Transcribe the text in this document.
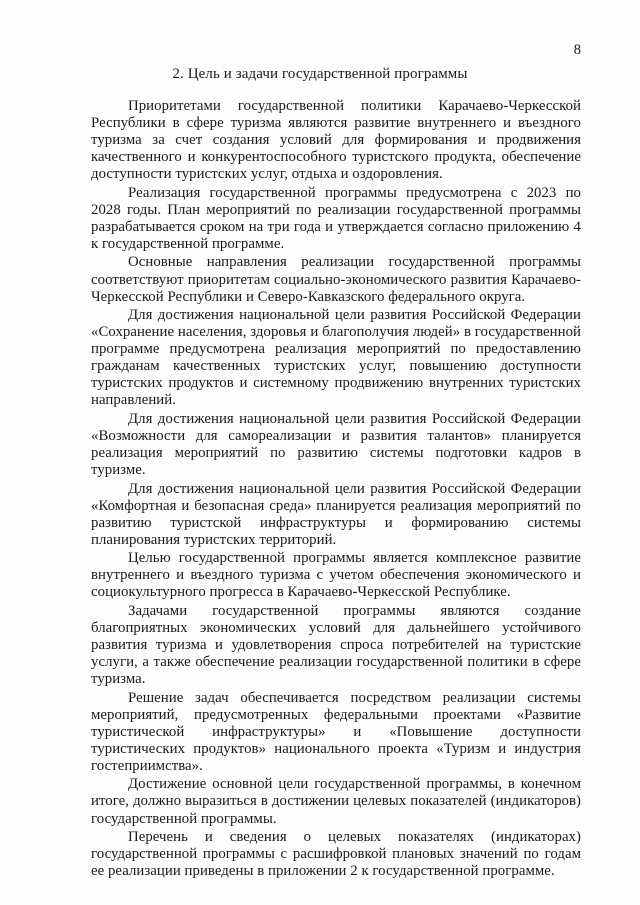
8
2. Цель и задачи государственной программы

Приоритетами государственной политики Карачаево-Черкесской Республики в сфере туризма являются развитие внутреннего и въездного туризма за счет создания условий для формирования и продвижения качественного и конкурентоспособного туристского продукта, обеспечение доступности туристских услуг, отдыха и оздоровления.

Реализация государственной программы предусмотрена с 2023 по 2028 годы. План мероприятий по реализации государственной программы разрабатывается сроком на три года и утверждается согласно приложению 4 к государственной программе.

Основные направления реализации государственной программы соответствуют приоритетам социально-экономического развития Карачаево-Черкесской Республики и Северо-Кавказского федерального округа.

Для достижения национальной цели развития Российской Федерации «Сохранение населения, здоровья и благополучия людей» в государственной программе предусмотрена реализация мероприятий по предоставлению гражданам качественных туристских услуг, повышению доступности туристских продуктов и системному продвижению внутренних туристских направлений.

Для достижения национальной цели развития Российской Федерации «Возможности для самореализации и развития талантов» планируется реализация мероприятий по развитию системы подготовки кадров в туризме.

Для достижения национальной цели развития Российской Федерации «Комфортная и безопасная среда» планируется реализация мероприятий по развитию туристской инфраструктуры и формированию системы планирования туристских территорий.

Целью государственной программы является комплексное развитие внутреннего и въездного туризма с учетом обеспечения экономического и социокультурного прогресса в Карачаево-Черкесской Республике.

Задачами государственной программы являются создание благоприятных экономических условий для дальнейшего устойчивого развития туризма и удовлетворения спроса потребителей на туристские услуги, а также обеспечение реализации государственной политики в сфере туризма.

Решение задач обеспечивается посредством реализации системы мероприятий, предусмотренных федеральными проектами «Развитие туристической инфраструктуры» и «Повышение доступности туристических продуктов» национального проекта «Туризм и индустрия гостеприимства».

Достижение основной цели государственной программы, в конечном итоге, должно выразиться в достижении целевых показателей (индикаторов) государственной программы.

Перечень и сведения о целевых показателях (индикаторах) государственной программы с расшифровкой плановых значений по годам ее реализации приведены в приложении 2 к государственной программе.
